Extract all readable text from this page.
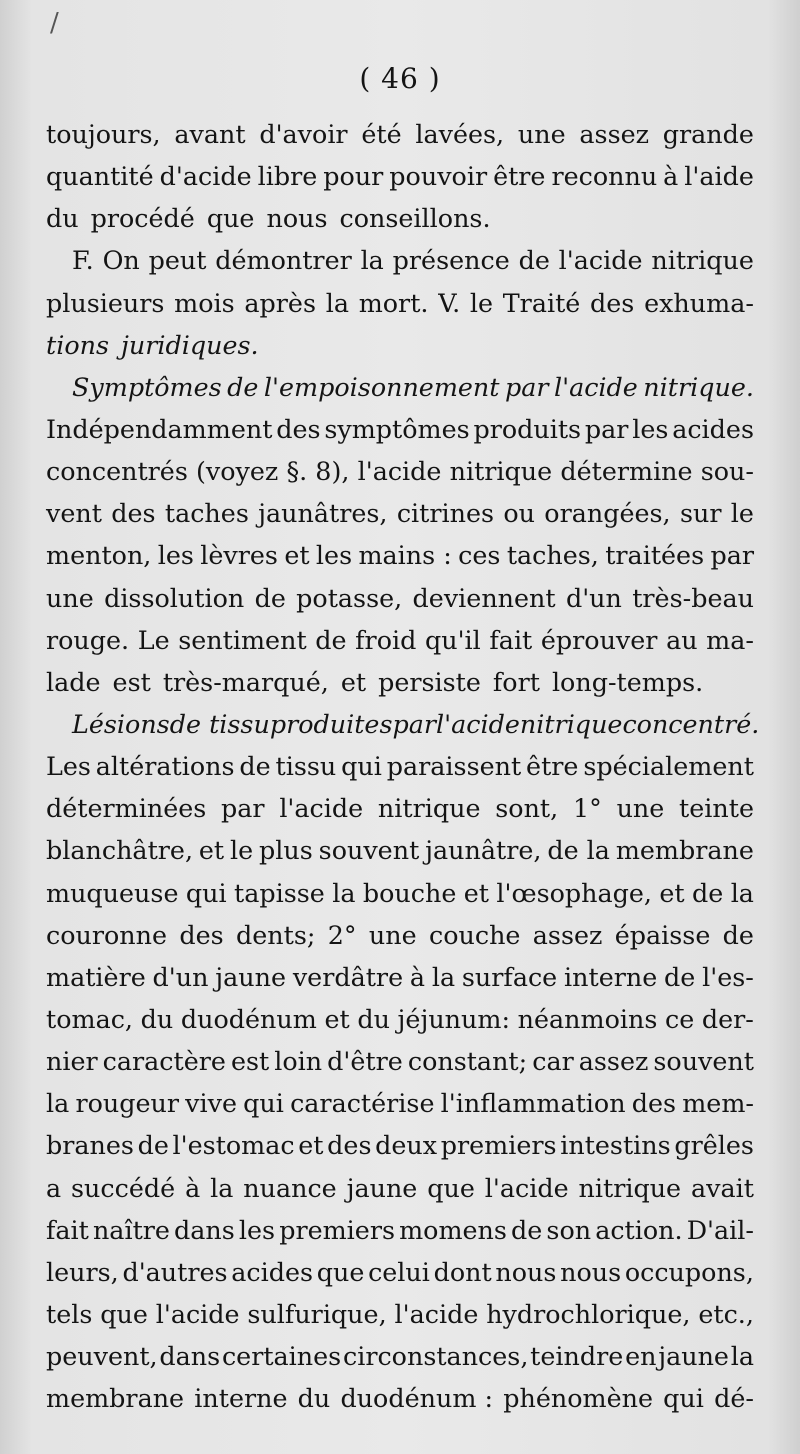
/
( 46 )
toujours, avant d'avoir été lavées, une assez grande
quantité d'acide libre pour pouvoir être reconnu à l'aide
du procédé que nous conseillons.
F. On peut démontrer la présence de l'acide nitrique
plusieurs mois après la mort. V. le Traité des exhuma-
tions juridiques.
Symptômes de l'empoisonnement par l'acide nitrique.
Indépendamment des symptômes produits par les acides
concentrés (voyez §. 8), l'acide nitrique détermine sou-
vent des taches jaunâtres, citrines ou orangées, sur le
menton, les lèvres et les mains : ces taches, traitées par
une dissolution de potasse, deviennent d'un très-beau
rouge. Le sentiment de froid qu'il fait éprouver au ma-
lade est très-marqué, et persiste fort long-temps.
Lésions de tissu produites par l'acide nitrique concentré.
Les altérations de tissu qui paraissent être spécialement
déterminées par l'acide nitrique sont, 1° une teinte
blanchâtre, et le plus souvent jaunâtre, de la membrane
muqueuse qui tapisse la bouche et l'œsophage, et de la
couronne des dents; 2° une couche assez épaisse de
matière d'un jaune verdâtre à la surface interne de l'es-
tomac, du duodénum et du jéjunum: néanmoins ce der-
nier caractère est loin d'être constant; car assez souvent
la rougeur vive qui caractérise l'inflammation des mem-
branes de l'estomac et des deux premiers intestins grêles
a succédé à la nuance jaune que l'acide nitrique avait
fait naître dans les premiers momens de son action. D'ail-
leurs, d'autres acides que celui dont nous nous occupons,
tels que l'acide sulfurique, l'acide hydrochlorique, etc.,
peuvent, dans certaines circonstances, teindre en jaune la
membrane interne du duodénum : phénomène qui dé-
